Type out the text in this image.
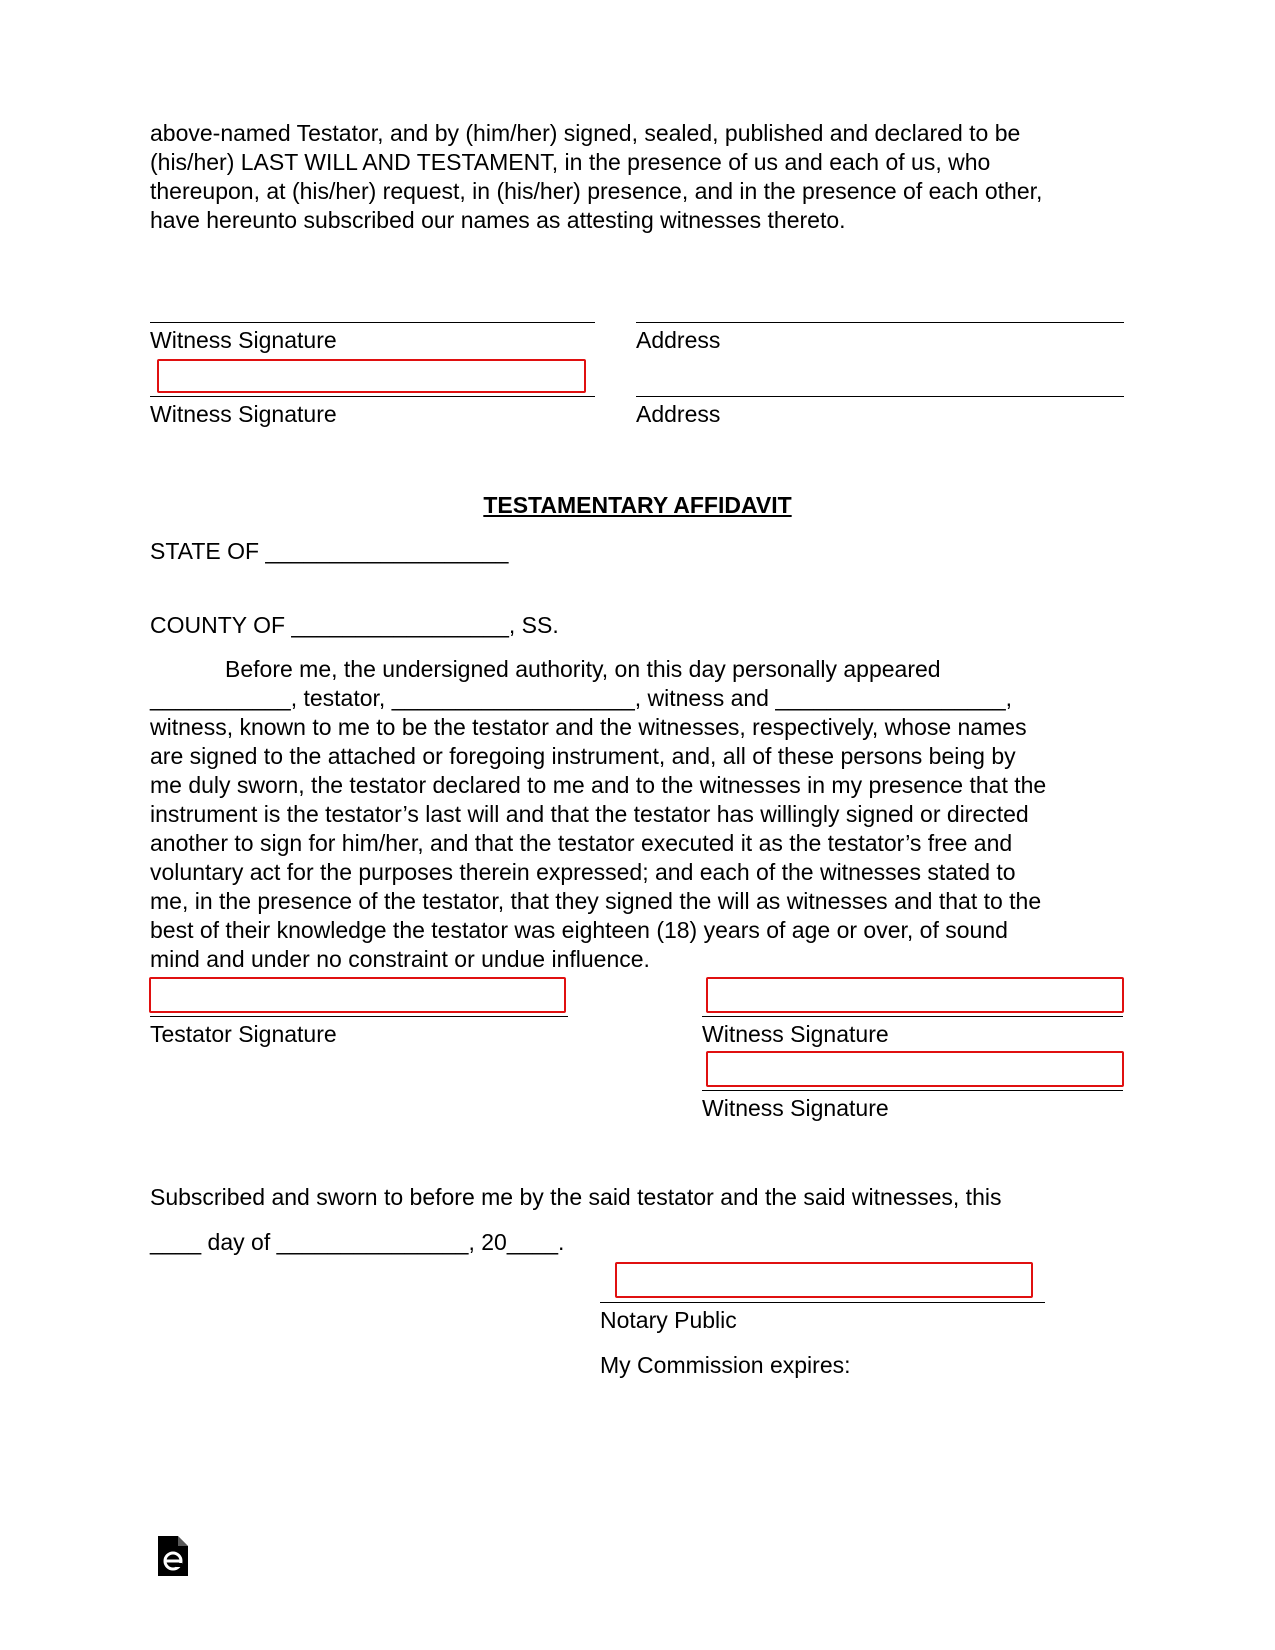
above-named Testator, and by (him/her) signed, sealed, published and declared to be
(his/her) LAST WILL AND TESTAMENT, in the presence of us and each of us, who
thereupon, at (his/her) request, in (his/her) presence, and in the presence of each other,
have hereunto subscribed our names as attesting witnesses thereto.
Witness Signature	Address
Witness Signature	Address
TESTAMENTARY AFFIDAVIT
STATE OF ___________________
COUNTY OF _________________, SS.
Before me, the undersigned authority, on this day personally appeared
___________, testator, ___________________, witness and __________________,
witness, known to me to be the testator and the witnesses, respectively, whose names
are signed to the attached or foregoing instrument, and, all of these persons being by
me duly sworn, the testator declared to me and to the witnesses in my presence that the
instrument is the testator’s last will and that the testator has willingly signed or directed
another to sign for him/her, and that the testator executed it as the testator’s free and
voluntary act for the purposes therein expressed; and each of the witnesses stated to
me, in the presence of the testator, that they signed the will as witnesses and that to the
best of their knowledge the testator was eighteen (18) years of age or over, of sound
mind and under no constraint or undue influence.
Testator Signature	Witness Signature
Witness Signature
Subscribed and sworn to before me by the said testator and the said witnesses, this
____ day of _______________, 20____.
Notary Public
My Commission expires:
